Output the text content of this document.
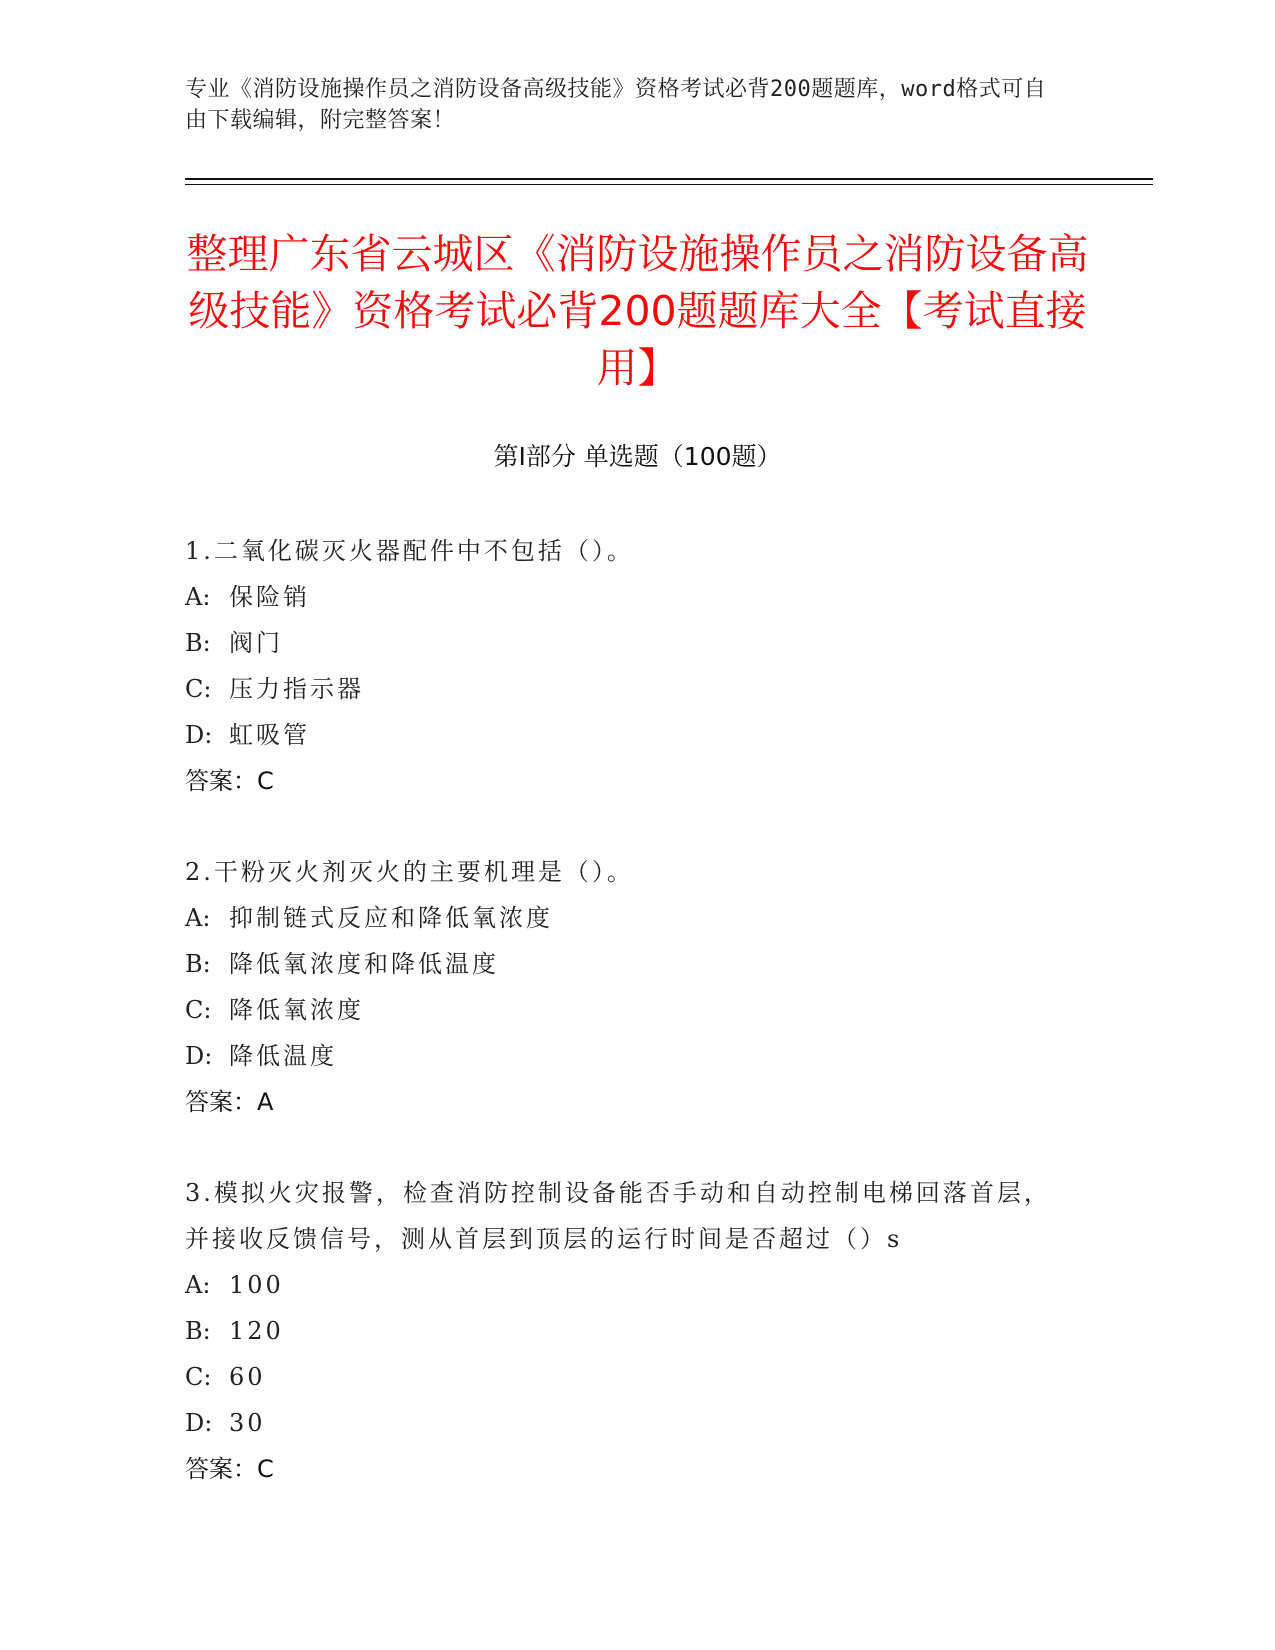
专业《消防设施操作员之消防设备高级技能》资格考试必背200题题库，word格式可自由下载编辑，附完整答案！
整理广东省云城区《消防设施操作员之消防设备高级技能》资格考试必背200题题库大全【考试直接用】
第I部分 单选题（100题）
1.二氧化碳灭火器配件中不包括（）。
A: 保险销
B: 阀门
C: 压力指示器
D: 虹吸管
答案：C
2.干粉灭火剂灭火的主要机理是（）。
A: 抑制链式反应和降低氧浓度
B: 降低氧浓度和降低温度
C: 降低氧浓度
D: 降低温度
答案：A
3.模拟火灾报警，检查消防控制设备能否手动和自动控制电梯回落首层，并接收反馈信号，测从首层到顶层的运行时间是否超过（）s
A: 100
B: 120
C: 60
D: 30
答案：C
